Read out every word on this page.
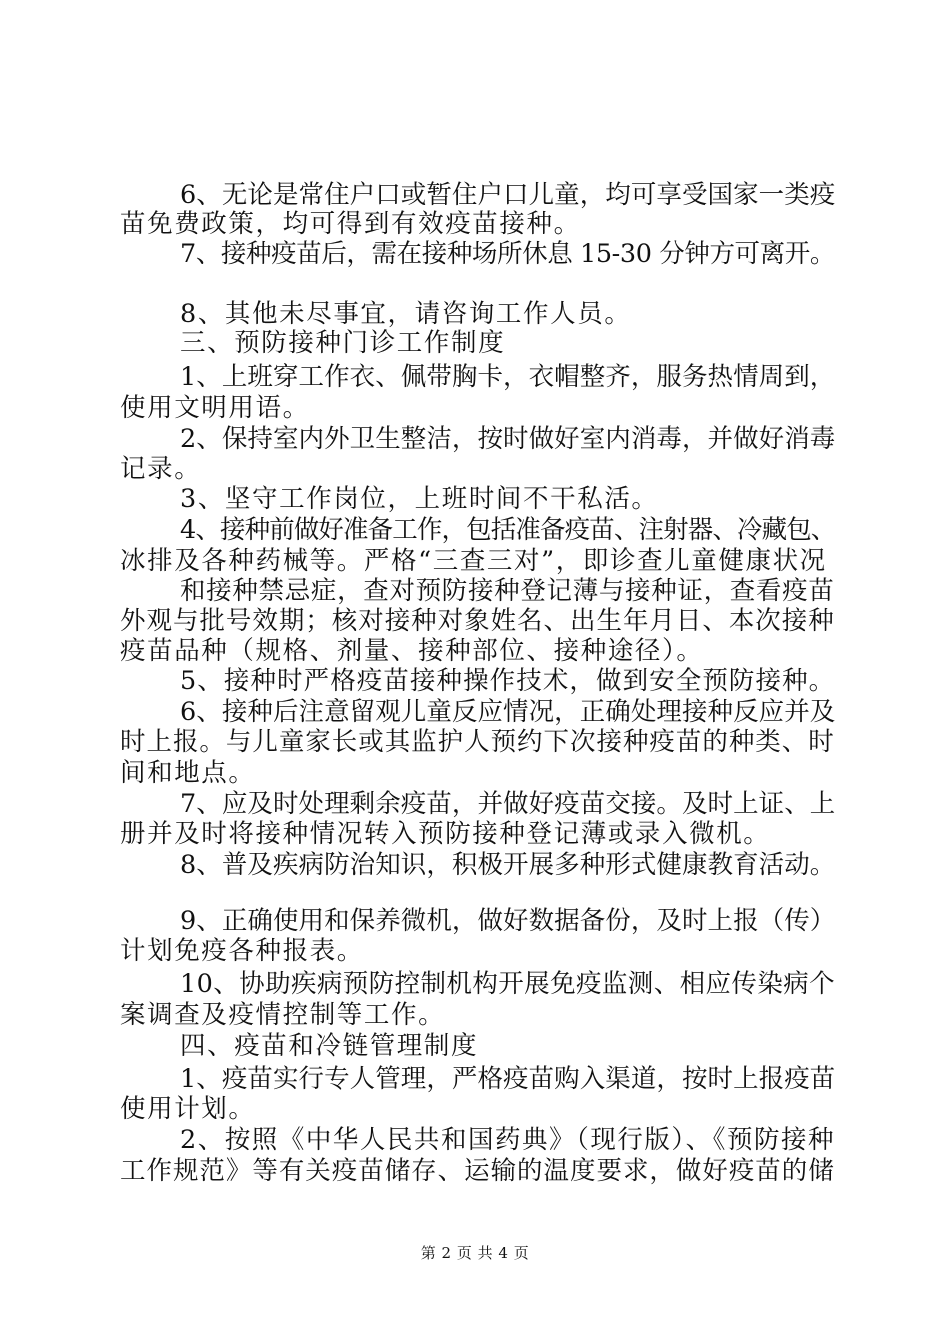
6、无论是常住户口或暂住户口儿童，均可享受国家一类疫
苗免费政策，均可得到有效疫苗接种。
7、接种疫苗后，需在接种场所休息 15-30 分钟方可离开。
8、其他未尽事宜，请咨询工作人员。
三、预防接种门诊工作制度
1、上班穿工作衣、佩带胸卡，衣帽整齐，服务热情周到，
使用文明用语。
2、保持室内外卫生整洁，按时做好室内消毒，并做好消毒
记录。
3、坚守工作岗位，上班时间不干私活。
4、接种前做好准备工作，包括准备疫苗、注射器、冷藏包、
冰排及各种药械等。严格“三查三对”，即诊查儿童健康状况
和接种禁忌症，查对预防接种登记薄与接种证，查看疫苗
外观与批号效期；核对接种对象姓名、出生年月日、本次接种
疫苗品种（规格、剂量、接种部位、接种途径）。
5、接种时严格疫苗接种操作技术，做到安全预防接种。
6、接种后注意留观儿童反应情况，正确处理接种反应并及
时上报。与儿童家长或其监护人预约下次接种疫苗的种类、时
间和地点。
7、应及时处理剩余疫苗，并做好疫苗交接。及时上证、上
册并及时将接种情况转入预防接种登记薄或录入微机。
8、普及疾病防治知识，积极开展多种形式健康教育活动。
9、正确使用和保养微机，做好数据备份，及时上报（传）
计划免疫各种报表。
10、协助疾病预防控制机构开展免疫监测、相应传染病个
案调查及疫情控制等工作。
四、疫苗和冷链管理制度
1、疫苗实行专人管理，严格疫苗购入渠道，按时上报疫苗
使用计划。
2、按照《中华人民共和国药典》（现行版）、《预防接种
工作规范》等有关疫苗储存、运输的温度要求，做好疫苗的储
第 2 页 共 4 页
